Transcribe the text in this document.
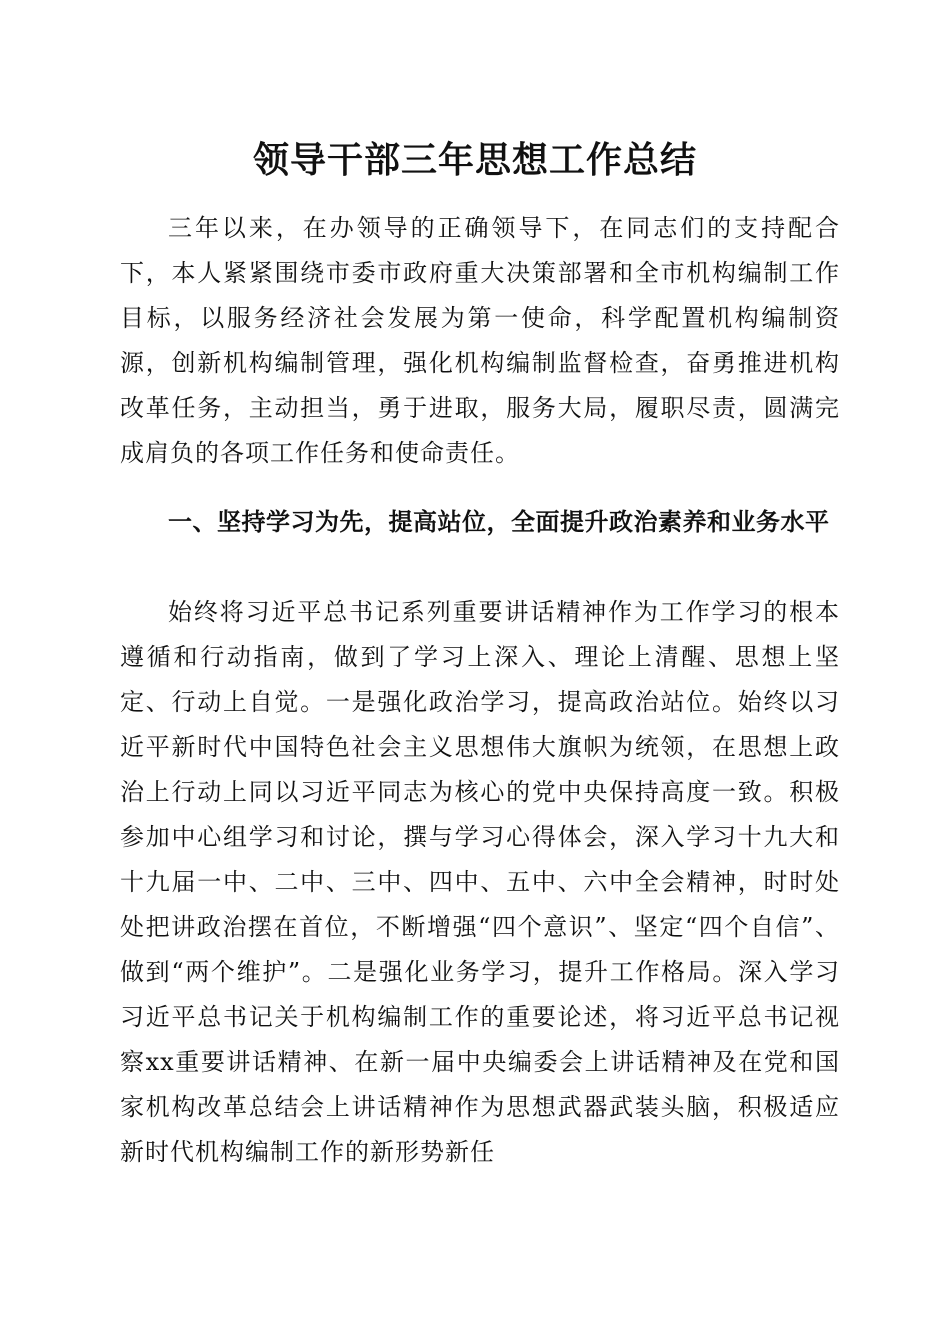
领导干部三年思想工作总结

三年以来，在办领导的正确领导下，在同志们的支持配合下，本人紧紧围绕市委市政府重大决策部署和全市机构编制工作目标，以服务经济社会发展为第一使命，科学配置机构编制资源，创新机构编制管理，强化机构编制监督检查，奋勇推进机构改革任务，主动担当，勇于进取，服务大局，履职尽责，圆满完成肩负的各项工作任务和使命责任。

一、坚持学习为先，提高站位，全面提升政治素养和业务水平

始终将习近平总书记系列重要讲话精神作为工作学习的根本遵循和行动指南，做到了学习上深入、理论上清醒、思想上坚定、行动上自觉。一是强化政治学习，提高政治站位。始终以习近平新时代中国特色社会主义思想伟大旗帜为统领，在思想上政治上行动上同以习近平同志为核心的党中央保持高度一致。积极参加中心组学习和讨论，撰与学习心得体会，深入学习十九大和十九届一中、二中、三中、四中、五中、六中全会精神，时时处处把讲政治摆在首位，不断增强“四个意识”、坚定“四个自信”、做到“两个维护”。二是强化业务学习，提升工作格局。深入学习习近平总书记关于机构编制工作的重要论述，将习近平总书记视察xx重要讲话精神、在新一届中央编委会上讲话精神及在党和国家机构改革总结会上讲话精神作为思想武器武装头脑，积极适应新时代机构编制工作的新形势新任
